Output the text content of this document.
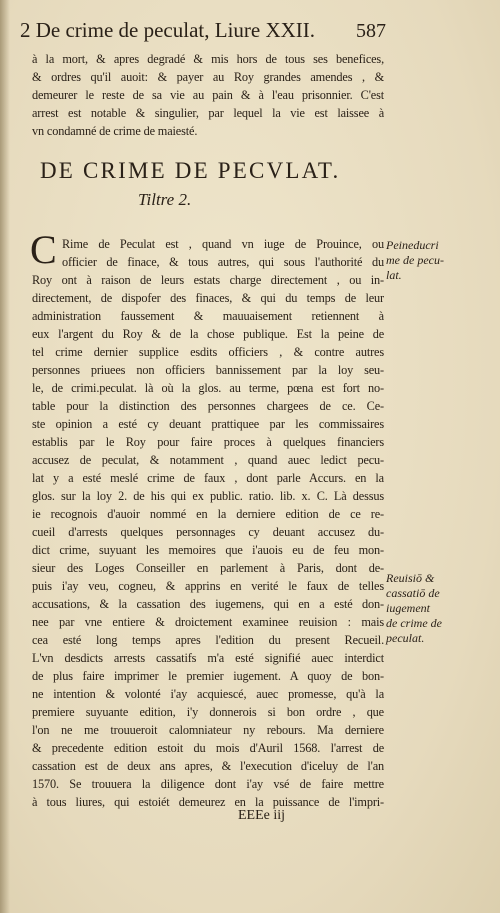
2 De crime de peculat, Liure XXII.	587
à la mort, & apres degradé & mis hors de tous ses benefices,
& ordres qu'il auoit: & payer au Roy grandes amendes , &
demeurer le reste de sa vie au pain & à l'eau prisonnier. C'est
arrest est notable & singulier, par lequel la vie est laissee à
vn condamné de crime de maiesté.
DE CRIME DE PECVLAT.
Tiltre 2.
C Rime de Peculat est , quand vn iuge de Prouince, ou
officier de finace, & tous autres, qui sous l'authorité du
Roy ont à raison de leurs estats charge directement , ou in-
directement, de dispofer des finaces, & qui du temps de leur
administration faussement & mauuaisement retiennent à
eux l'argent du Roy & de la chose publique. Est la peine de
tel crime dernier supplice esdits officiers , & contre autres
personnes priuees non officiers bannissement par la loy seu-
le, de crimi.peculat. là où la glos. au terme, pœna est fort no-
table pour la distinction des personnes chargees de ce. Ce-
ste opinion a esté cy deuant prattiquee par les commissaires
establis par le Roy pour faire proces à quelques financiers
accusez de peculat, & notamment , quand auec ledict pecu-
lat y a esté meslé crime de faux , dont parle Accurs. en la
glos. sur la loy 2. de his qui ex public. ratio. lib. x. C. Là dessus
ie recognois d'auoir nommé en la derniere edition de ce re-
cueil d'arrests quelques personnages cy deuant accusez du-
dict crime, suyuant les memoires que i'auois eu de feu mon-
sieur des Loges Conseiller en parlement à Paris, dont de-
puis i'ay veu, cogneu, & apprins en verité le faux de telles
accusations, & la cassation des iugemens, qui en a esté don-
nee par vne entiere & droictement examinee reuision : mais
cea esté long temps apres l'edition du present Recueil.
L'vn desdicts arrests cassatifs m'a esté signifié auec interdict
de plus faire imprimer le premier iugement. A quoy de bon-
ne intention & volonté i'ay acquiescé, auec promesse, qu'à la
premiere suyuante edition, i'y donnerois si bon ordre , que
l'on ne me trouueroit calomniateur ny rebours. Ma derniere
& precedente edition estoit du mois d'Auril 1568. l'arrest de
cassation est de deux ans apres, & l'execution d'iceluy de l'an
1570. Se trouuera la diligence dont i'ay vsé de faire mettre
à tous liures, qui estoiét demeurez en la puissance de l'impri-
Peineducri
me de pecu-
lat.
Reuisiō &
cassatiō de
iugement
de crime de
peculat.
EEEe iij
